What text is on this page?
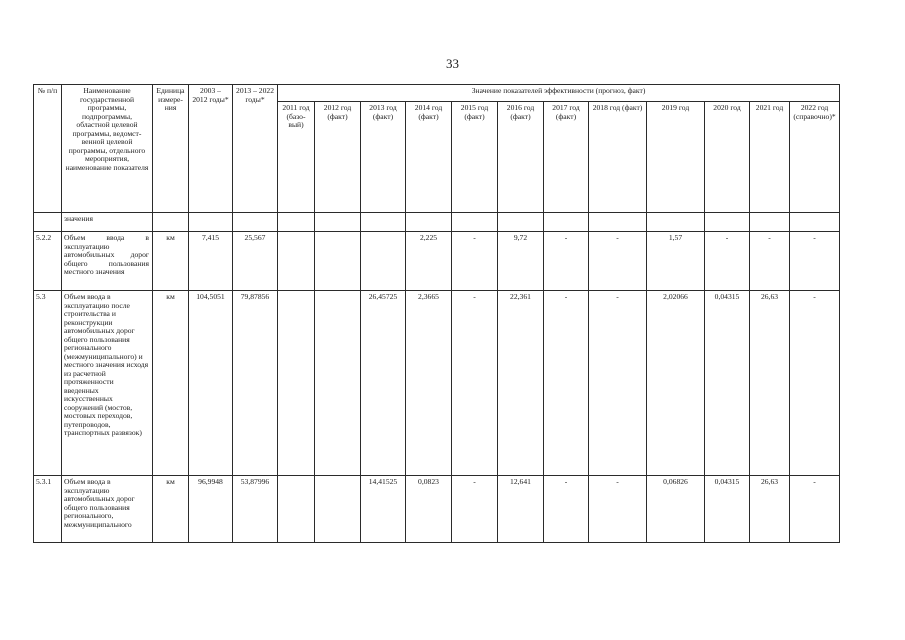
33
№ п/п	Наименование государственной программы, подпрограммы, областной целевой программы, ведомст-венной целевой программы, отдельного мероприятия, наименование показателя	Единица измере-ния	2003 – 2012 годы*	2013 – 2022 годы*	Значение показателей эффективности (прогноз, факт)											
					2011 год (базо-вый)	2012 год (факт)	2013 год (факт)	2014 год (факт)	2015 год (факт)	2016 год (факт)	2017 год (факт)	2018 год (факт)	2019 год	2020 год	2021 год	2022 год (справочно)*
	значения															
5.2.2	Объем ввода в эксплуатацию автомобильных дорог общего пользования местного значения	км	7,415	25,567				2,225	-	9,72	-	-	1,57	-	-	-
5.3	Объем ввода в эксплуатацию после строительства и реконструкции автомобильных дорог общего пользования регионального (межмуниципального) и местного значения исходя из расчетной протяженности введенных искусственных сооружений (мостов, мостовых переходов, путепроводов, транспортных развязок)	км	104,5051	79,87856			26,45725	2,3665	-	22,361	-	-	2,02066	0,04315	26,63	-
5.3.1	Объем ввода в эксплуатацию автомобильных дорог общего пользования регионального, межмуниципального	км	96,9948	53,87996			14,41525	0,0823	-	12,641	-	-	0,06826	0,04315	26,63	-
